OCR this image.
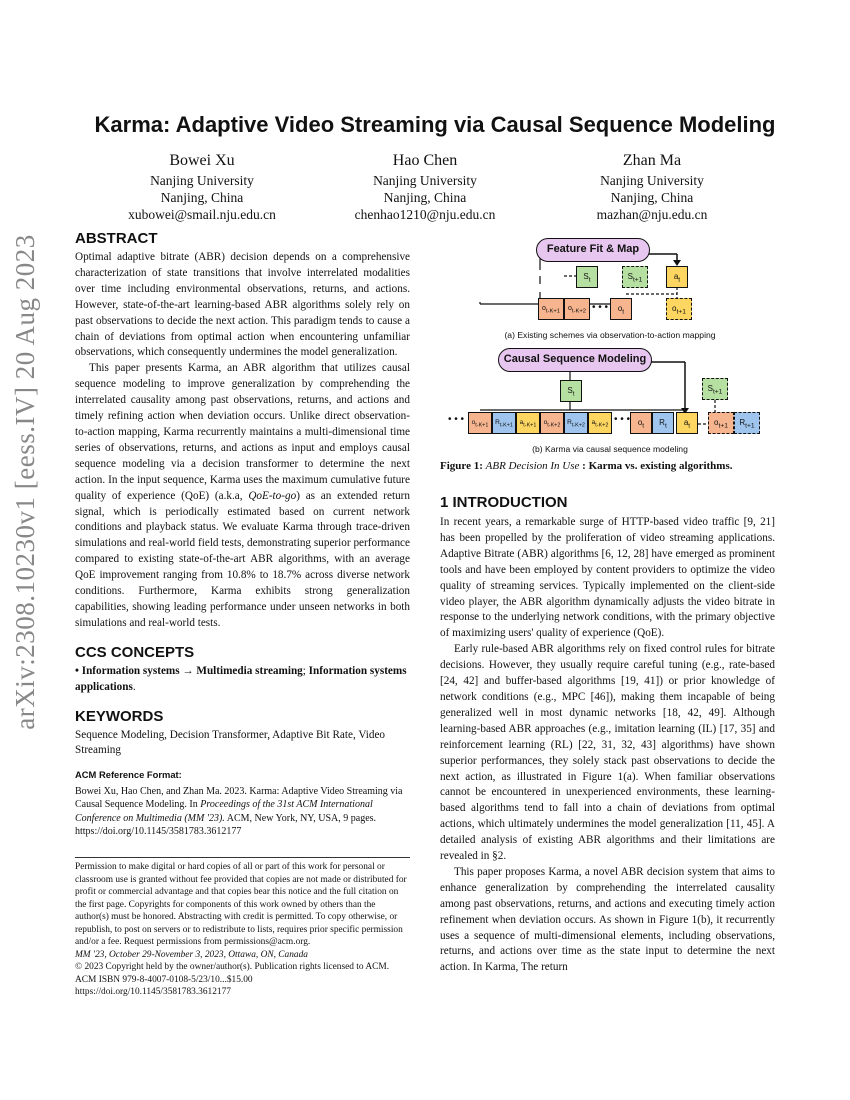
arXiv:2308.10230v1 [eess.IV] 20 Aug 2023
Karma: Adaptive Video Streaming via Causal Sequence Modeling
Bowei Xu
Nanjing University
Nanjing, China
xubowei@smail.nju.edu.cn
Hao Chen
Nanjing University
Nanjing, China
chenhao1210@nju.edu.cn
Zhan Ma
Nanjing University
Nanjing, China
mazhan@nju.edu.cn
ABSTRACT

Optimal adaptive bitrate (ABR) decision depends on a comprehensive characterization of state transitions that involve interrelated modalities over time including environmental observations, returns, and actions. However, state-of-the-art learning-based ABR algorithms solely rely on past observations to decide the next action. This paradigm tends to cause a chain of deviations from optimal action when encountering unfamiliar observations, which consequently undermines the model generalization.

This paper presents Karma, an ABR algorithm that utilizes causal sequence modeling to improve generalization by comprehending the interrelated causality among past observations, returns, and actions and timely refining action when deviation occurs. Unlike direct observation-to-action mapping, Karma recurrently maintains a multi-dimensional time series of observations, returns, and actions as input and employs causal sequence modeling via a decision transformer to determine the next action. In the input sequence, Karma uses the maximum cumulative future quality of experience (QoE) (a.k.a, QoE-to-go) as an extended return signal, which is periodically estimated based on current network conditions and playback status. We evaluate Karma through trace-driven simulations and real-world field tests, demonstrating superior performance compared to existing state-of-the-art ABR algorithms, with an average QoE improvement ranging from 10.8% to 18.7% across diverse network conditions. Furthermore, Karma exhibits strong generalization capabilities, showing leading performance under unseen networks in both simulations and real-world tests.

CCS CONCEPTS
• Information systems → Multimedia streaming; Information systems applications.
KEYWORDS
Sequence Modeling, Decision Transformer, Adaptive Bit Rate, Video Streaming
ACM Reference Format:
Bowei Xu, Hao Chen, and Zhan Ma. 2023. Karma: Adaptive Video Streaming via Causal Sequence Modeling. In Proceedings of the 31st ACM International Conference on Multimedia (MM '23). ACM, New York, NY, USA, 9 pages. https://doi.org/10.1145/3581783.3612177

Permission to make digital or hard copies of all or part of this work for personal or classroom use is granted without fee provided that copies are not made or distributed for profit or commercial advantage and that copies bear this notice and the full citation on the first page. Copyrights for components of this work owned by others than the author(s) must be honored. Abstracting with credit is permitted. To copy otherwise, or republish, to post on servers or to redistribute to lists, requires prior specific permission and/or a fee. Request permissions from permissions@acm.org.

MM '23, October 29-November 3, 2023, Ottawa, ON, Canada

© 2023 Copyright held by the owner/author(s). Publication rights licensed to ACM.

ACM ISBN 979-8-4007-0108-5/23/10...$15.00

https://doi.org/10.1145/3581783.3612177

Feature Fit & Map
$S_t$	$S_{t+1}$	$a_t$
$o_{t-K+1}$	$o_{t-K+2}$ • • •	$o_t$	$o_{t+1}$
(a) Existing schemes via observation-to-action mapping
Causal Sequence Modeling
$S_t$
$S_{t+1}$
• • •	$o_{t-K+1}$	$R_{t-K+1}$	$a_{t-K+1}$	$o_{t-K+2}$	$R_{t-K+2}$	$a_{t-K+2}$
• • • $o_t$	$R_t$	$a_t$	$o_{t+1}$	$R_{t+1}$
(b) Karma via causal sequence modeling
Figure 1: ABR Decision In Use : Karma vs. existing algorithms.
1 INTRODUCTION

In recent years, a remarkable surge of HTTP-based video traffic [9, 21] has been propelled by the proliferation of video streaming applications. Adaptive Bitrate (ABR) algorithms [6, 12, 28] have emerged as prominent tools and have been employed by content providers to optimize the video quality of streaming services. Typically implemented on the client-side video player, the ABR algorithm dynamically adjusts the video bitrate in response to the underlying network conditions, with the primary objective of maximizing users' quality of experience (QoE).

Early rule-based ABR algorithms rely on fixed control rules for bitrate decisions. However, they usually require careful tuning (e.g., rate-based [24, 42] and buffer-based algorithms [19, 41]) or prior knowledge of network conditions (e.g., MPC [46]), making them incapable of being generalized well in most dynamic networks [18, 42, 49]. Although learning-based ABR approaches (e.g., imitation learning (IL) [17, 35] and reinforcement learning (RL) [22, 31, 32, 43] algorithms) have shown superior performances, they solely stack past observations to decide the next action, as illustrated in Figure 1(a). When familiar observations cannot be encountered in unexperienced environments, these learning-based algorithms tend to fall into a chain of deviations from optimal actions, which ultimately undermines the model generalization [11, 45]. A detailed analysis of existing ABR algorithms and their limitations are revealed in §2.

This paper proposes Karma, a novel ABR decision system that aims to enhance generalization by comprehending the interrelated causality among past observations, returns, and actions and executing timely action refinement when deviation occurs. As shown in Figure 1(b), it recurrently uses a sequence of multi-dimensional elements, including observations, returns, and actions over time as the state input to determine the next action. In Karma, The return
